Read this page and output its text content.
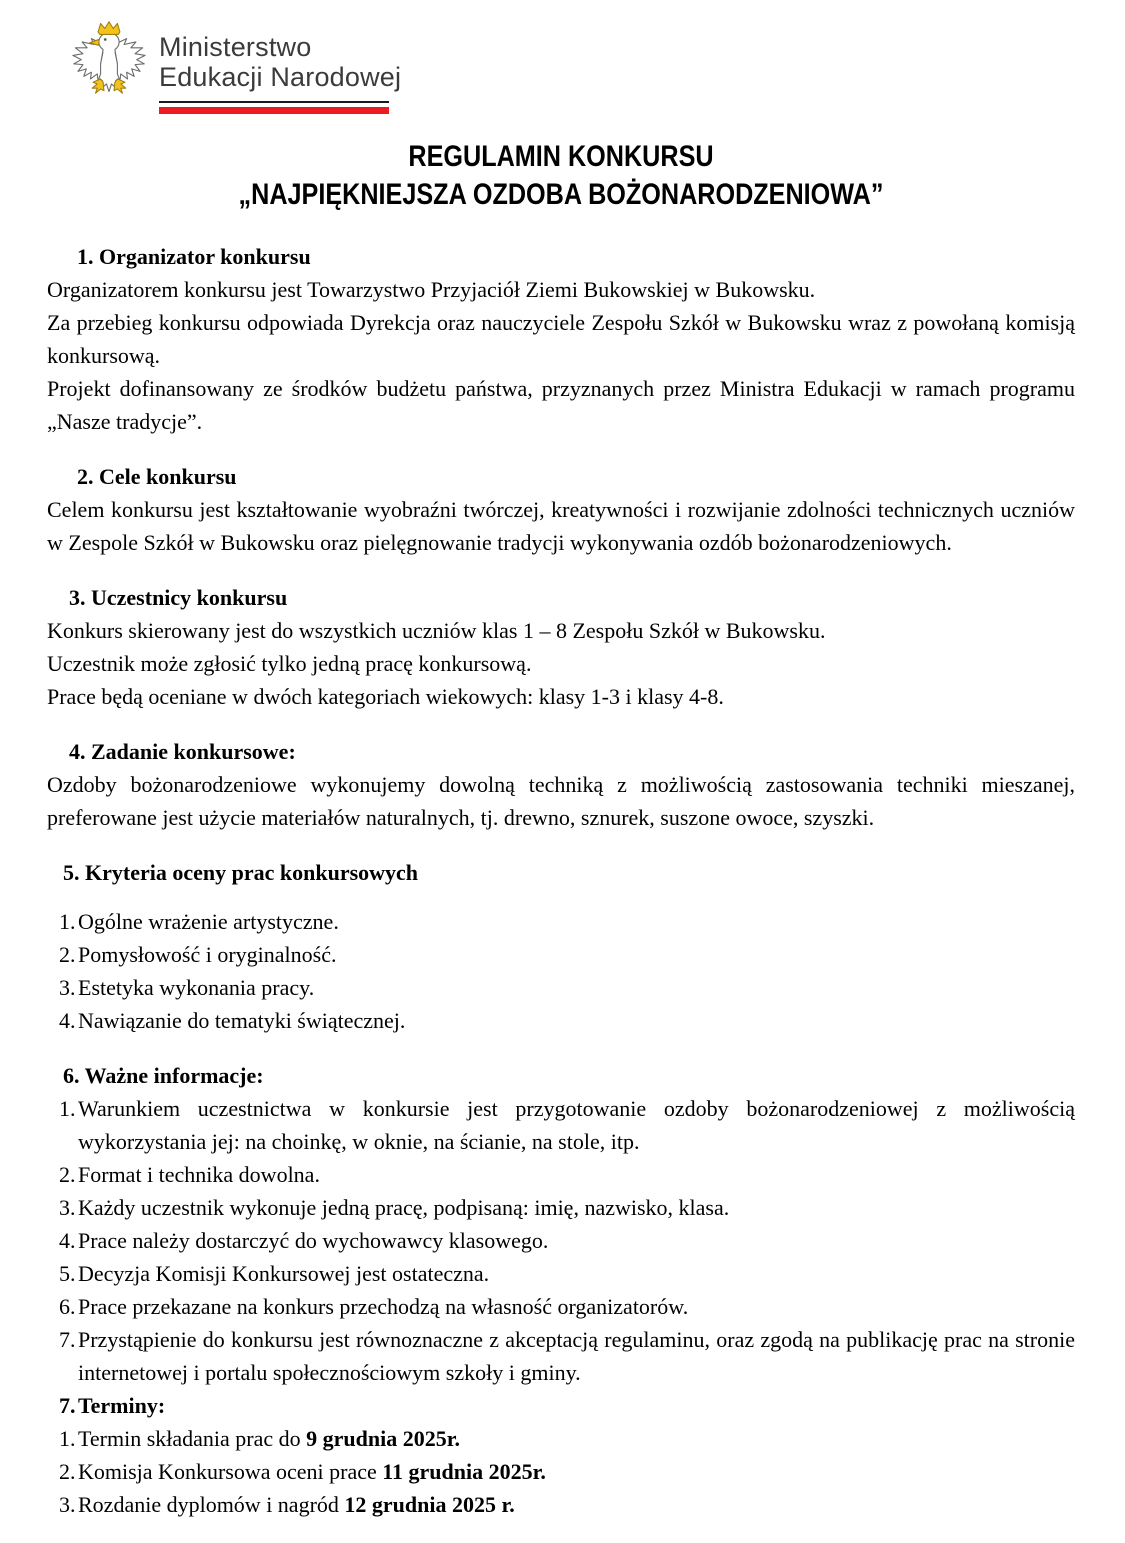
Ministerstwo
Edukacji Narodowej
REGULAMIN KONKURSU
„NAJPIĘKNIEJSZA OZDOBA BOŻONARODZENIOWA”
1. Organizator konkursu

Organizatorem konkursu jest Towarzystwo Przyjaciół Ziemi Bukowskiej w Bukowsku.

Za przebieg konkursu odpowiada Dyrekcja oraz nauczyciele Zespołu Szkół w Bukowsku wraz z powołaną komisją konkursową.

Projekt dofinansowany ze środków budżetu państwa, przyznanych przez Ministra Edukacji w ramach programu „Nasze tradycje”.

2. Cele konkursu

Celem konkursu jest kształtowanie wyobraźni twórczej, kreatywności i rozwijanie zdolności technicznych uczniów w Zespole Szkół w Bukowsku oraz pielęgnowanie tradycji wykonywania ozdób bożonarodzeniowych.

3. Uczestnicy konkursu

Konkurs skierowany jest do wszystkich uczniów klas 1 – 8 Zespołu Szkół w Bukowsku.

Uczestnik może zgłosić tylko jedną pracę konkursową.

Prace będą oceniane w dwóch kategoriach wiekowych: klasy 1-3 i klasy 4-8.

4. Zadanie konkursowe:

Ozdoby bożonarodzeniowe wykonujemy dowolną techniką z możliwością zastosowania techniki mieszanej, preferowane jest użycie materiałów naturalnych, tj. drewno, sznurek, suszone owoce, szyszki.

5. Kryteria oceny prac konkursowych
1. Ogólne wrażenie artystyczne.
2. Pomysłowość i oryginalność.
3. Estetyka wykonania pracy.
4. Nawiązanie do tematyki świątecznej.
6. Ważne informacje:
1. Warunkiem uczestnictwa w konkursie jest przygotowanie ozdoby bożonarodzeniowej z możliwością wykorzystania jej: na choinkę, w oknie, na ścianie, na stole, itp.
2. Format i technika dowolna.
3. Każdy uczestnik wykonuje jedną pracę, podpisaną: imię, nazwisko, klasa.
4. Prace należy dostarczyć do wychowawcy klasowego.
5. Decyzja Komisji Konkursowej jest ostateczna.
6. Prace przekazane na konkurs przechodzą na własność organizatorów.
7. Przystąpienie do konkursu jest równoznaczne z akceptacją regulaminu, oraz zgodą na publikację prac na stronie internetowej i portalu społecznościowym szkoły i gminy.
7. Terminy:
1. Termin składania prac do 9 grudnia 2025r.
2. Komisja Konkursowa oceni prace 11 grudnia 2025r.
3. Rozdanie dyplomów i nagród 12 grudnia 2025 r.
